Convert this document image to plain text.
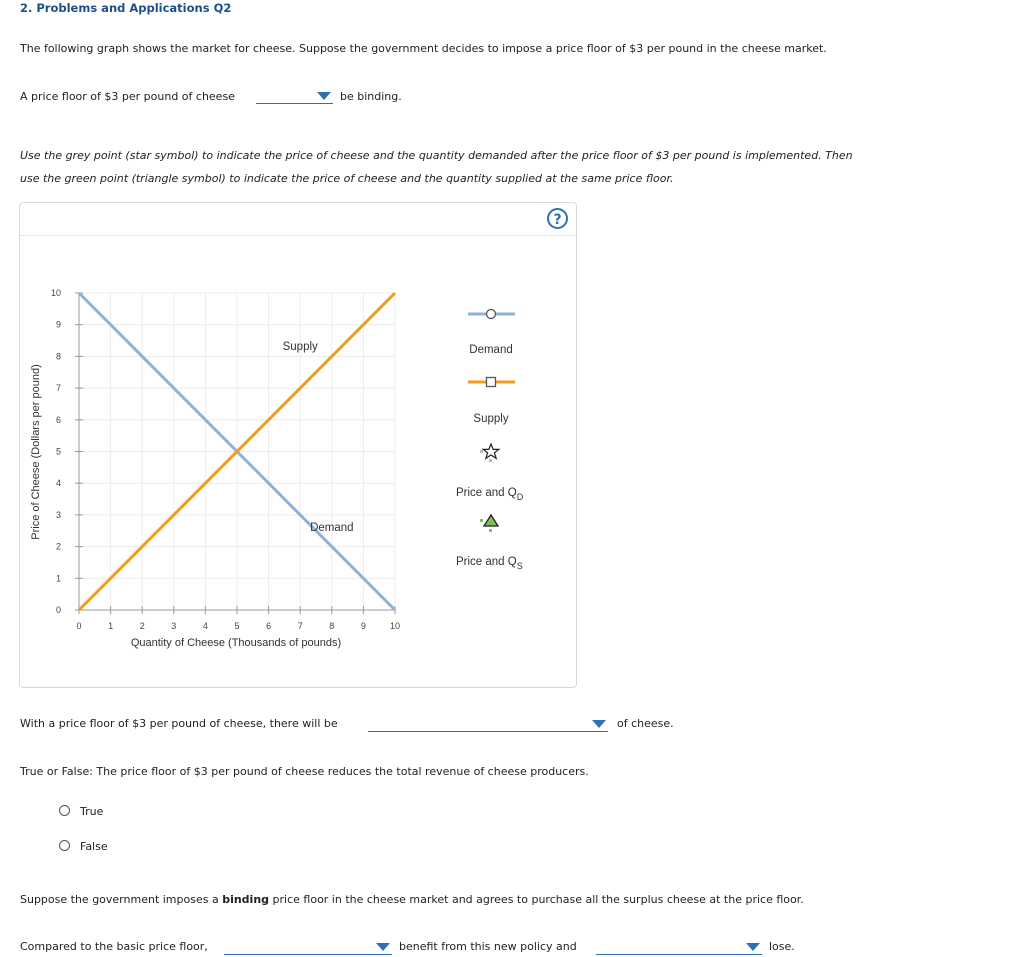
2. Problems and Applications Q2
The following graph shows the market for cheese. Suppose the government decides to impose a price floor of $3 per pound in the cheese market.
A price floor of $3 per pound of cheese	be binding.
Use the grey point (star symbol) to indicate the price of cheese and the quantity demanded after the price floor of $3 per pound is implemented. Then
use the green point (triangle symbol) to indicate the price of cheese and the quantity supplied at the same price floor.
?
0	1	2	3	4	5	6	7	8	9	10
0
1
2
3
4
5
6
7
8
9
10
Demand
Supply
Quantity of Cheese (Thousands of pounds)
Price of Cheese (Dollars per pound)
Demand
Supply
Price and $Q_D$
Price and $Q_S$
With a price floor of $3 per pound of cheese, there will be	of cheese.
True or False: The price floor of $3 per pound of cheese reduces the total revenue of cheese producers.
True
False
Suppose the government imposes a binding price floor in the cheese market and agrees to purchase all the surplus cheese at the price floor.
Compared to the basic price floor,	benefit from this new policy and	lose.
